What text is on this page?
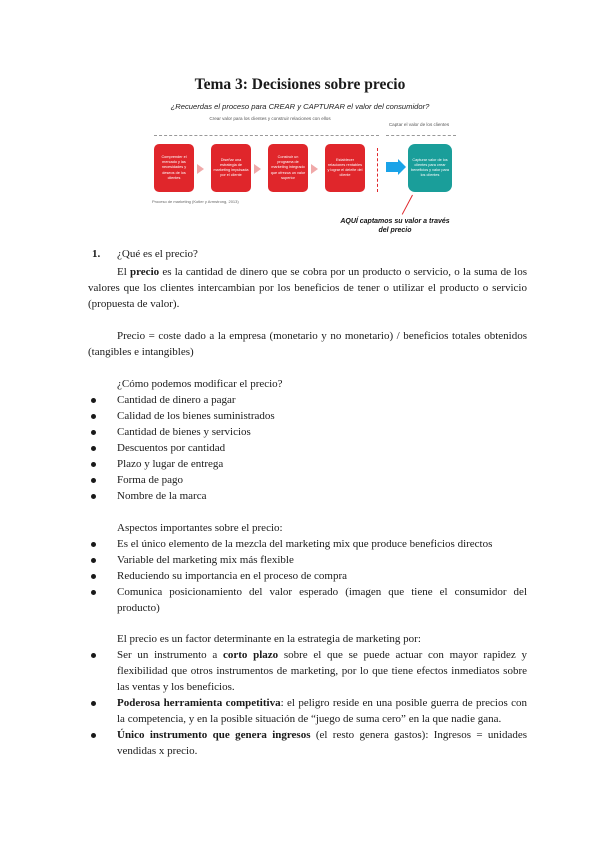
Tema 3: Decisiones sobre precio
¿Recuerdas el proceso para CREAR y CAPTURAR el valor del consumidor?
Crear valor para los clientes y construir relaciones con ellos
Captar el valor de los clientes
Comprender el mercado y las necesidades y deseos de los clientes
Diseñar una estrategia de marketing impulsada por el cliente
Construir un programa de marketing integrado que ofrezca un valor superior
Establecer relaciones rentables y lograr el deleite del cliente
Capturar valor de los clientes para crear beneficios y valor para los clientes
Proceso de marketing (Kotler y Armstrong, 2013)
AQUÍ captamos su valor a través del precio
1. ¿Qué es el precio?

El precio es la cantidad de dinero que se cobra por un producto o servicio, o la suma de los valores que los clientes intercambian por los beneficios de tener o utilizar el producto o servicio (propuesta de valor).

Precio = coste dado a la empresa (monetario y no monetario) / beneficios totales obtenidos (tangibles e intangibles)

¿Cómo podemos modificar el precio?

Cantidad de dinero a pagar
Calidad de los bienes suministrados
Cantidad de bienes y servicios
Descuentos por cantidad
Plazo y lugar de entrega
Forma de pago
Nombre de la marca

Aspectos importantes sobre el precio:

Es el único elemento de la mezcla del marketing mix que produce beneficios directos
Variable del marketing mix más flexible
Reduciendo su importancia en el proceso de compra
Comunica posicionamiento del valor esperado (imagen que tiene el consumidor del producto)

El precio es un factor determinante en la estrategia de marketing por:

Ser un instrumento a corto plazo sobre el que se puede actuar con mayor rapidez y flexibilidad que otros instrumentos de marketing, por lo que tiene efectos inmediatos sobre las ventas y los beneficios.
Poderosa herramienta competitiva: el peligro reside en una posible guerra de precios con la competencia, y en la posible situación de “juego de suma cero” en la que nadie gana.
Único instrumento que genera ingresos (el resto genera gastos): Ingresos = unidades vendidas x precio.
